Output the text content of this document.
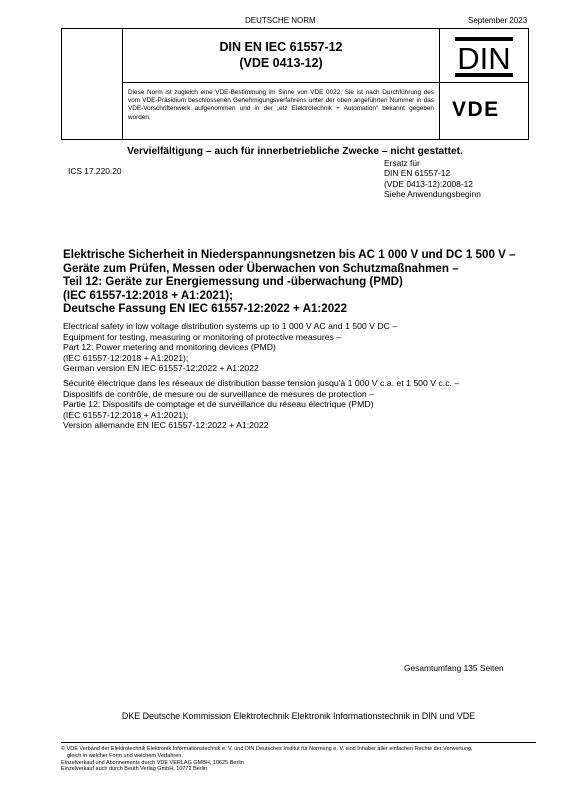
DEUTSCHE NORM	September 2023
DIN EN IEC 61557-12
(VDE 0413-12)	DIN
VDE
Diese Norm ist zugleich eine VDE-Bestimmung im Sinne von VDE 0022. Sie ist nach Durchführung des vom VDE-Präsidium beschlossenen Genehmigungsverfahrens unter der oben angeführten Nummer in das VDE-Vorschriftenwerk aufgenommen und in der „etz Elektrotechnik + Automation“ bekannt gegeben worden.
Vervielfältigung – auch für innerbetriebliche Zwecke – nicht gestattet.
ICS 17.220.20
Ersatz für
DIN EN 61557-12
(VDE 0413-12):2008-12
Siehe Anwendungsbeginn
Elektrische Sicherheit in Niederspannungsnetzen bis AC 1 000 V und DC 1 500 V –
Geräte zum Prüfen, Messen oder Überwachen von Schutzmaßnahmen –
Teil 12: Geräte zur Energiemessung und -überwachung (PMD)
(IEC 61557-12:2018 + A1:2021);
Deutsche Fassung EN IEC 61557-12:2022 + A1:2022
Electrical safety in low voltage distribution systems up to 1 000 V AC and 1 500 V DC –
Equipment for testing, measuring or monitoring of protective measures –
Part 12: Power metering and monitoring devices (PMD)
(IEC 61557-12:2018 + A1:2021);
German version EN IEC 61557-12:2022 + A1:2022
Sécurité électrique dans les réseaux de distribution basse tension jusqu'à 1 000 V c.a. et 1 500 V c.c. –
Dispositifs de contrôle, de mesure ou de surveillance de mesures de protection –
Partie 12: Dispositifs de comptage et de surveillance du réseau électrique (PMD)
(IEC 61557-12:2018 + A1:2021);
Version allemande EN IEC 61557-12:2022 + A1:2022
Gesamtumfang 135 Seiten
DKE Deutsche Kommission Elektrotechnik Elektronik Informationstechnik in DIN und VDE
© VDE Verband der Elektrotechnik Elektronik Informationstechnik e. V. und DIN Deutsches Institut für Normung e. V. sind Inhaber aller einfachen Rechte der Verwertung,
gleich in welcher Form und welchem Verfahren.
Einzelverkauf und Abonnements durch VDE VERLAG GMBH, 10625 Berlin
Einzelverkauf auch durch Beuth Verlag GmbH, 10772 Berlin
